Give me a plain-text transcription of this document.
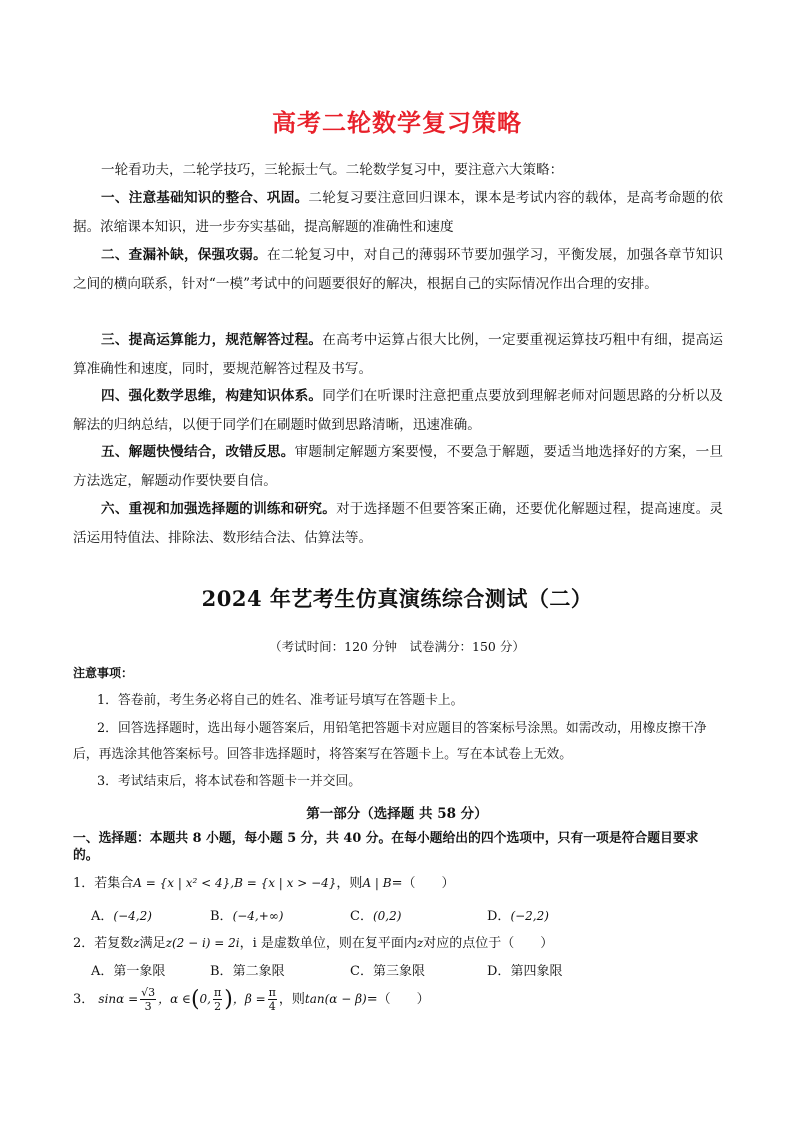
高考二轮数学复习策略

一轮看功夫，二轮学技巧，三轮振士气。二轮数学复习中，要注意六大策略：

一、注意基础知识的整合、巩固。二轮复习要注意回归课本，课本是考试内容的载体，是高考命题的依据。浓缩课本知识，进一步夯实基础，提高解题的准确性和速度

二、查漏补缺，保强攻弱。在二轮复习中，对自己的薄弱环节要加强学习，平衡发展，加强各章节知识之间的横向联系，针对“一模”考试中的问题要很好的解决，根据自己的实际情况作出合理的安排。

三、提高运算能力，规范解答过程。在高考中运算占很大比例，一定要重视运算技巧粗中有细，提高运算准确性和速度，同时，要规范解答过程及书写。

四、强化数学思维，构建知识体系。同学们在听课时注意把重点要放到理解老师对问题思路的分析以及解法的归纳总结，以便于同学们在刷题时做到思路清晰，迅速准确。

五、解题快慢结合，改错反思。审题制定解题方案要慢，不要急于解题，要适当地选择好的方案，一旦方法选定，解题动作要快要自信。

六、重视和加强选择题的训练和研究。对于选择题不但要答案正确，还要优化解题过程，提高速度。灵活运用特值法、排除法、数形结合法、估算法等。

2024 年艺考生仿真演练综合测试（二）
（考试时间：120 分钟　试卷满分：150 分）
注意事项：

1．答卷前，考生务必将自己的姓名、准考证号填写在答题卡上。

2．回答选择题时，选出每小题答案后，用铅笔把答题卡对应题目的答案标号涂黑。如需改动，用橡皮擦干净后，再选涂其他答案标号。回答非选择题时，将答案写在答题卡上。写在本试卷上无效。

3．考试结束后，将本试卷和答题卡一并交回。

第一部分（选择题 共 58 分）
一、选择题：本题共 8 小题，每小题 5 分，共 40 分。在每小题给出的四个选项中，只有一项是符合题目要求的。
1．若集合A = {x | x² < 4},B = {x | x > −4}，则A | B=（　　）
A．(−4,2)	B．(−4,+∞)	C．(0,2)	D．(−2,2)
2．若复数z满足z(2 − i) = 2i，i 是虚数单位，则在复平面内z对应的点位于（　　）
A．第一象限	B．第二象限	C．第三象限	D．第四象限
3． $\sin\alpha = \frac{√3}{3}$ ，α ∈(0, $\frac{\pi}{2}$ )，$\beta = \frac{\pi}{4}$ ，则tan(α − β)=（　　）
